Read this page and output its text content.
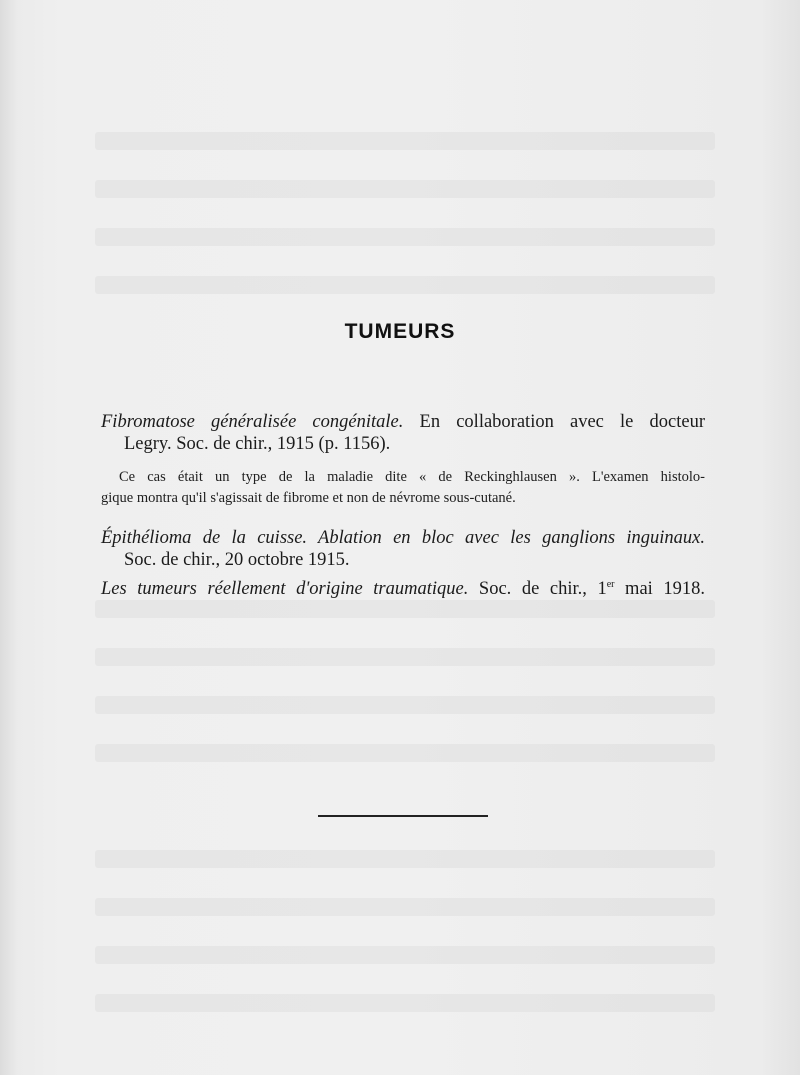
TUMEURS
Fibromatose généralisée congénitale. En collaboration avec le docteur
Legry. Soc. de chir., 1915 (p. 1156).
Ce cas était un type de la maladie dite « de Reckinghlausen ». L'examen histolo-
gique montra qu'il s'agissait de fibrome et non de névrome sous-cutané.
Épithélioma de la cuisse. Ablation en bloc avec les ganglions inguinaux.
Soc. de chir., 20 octobre 1915.
Les tumeurs réellement d'origine traumatique. Soc. de chir., 1er mai 1918.
